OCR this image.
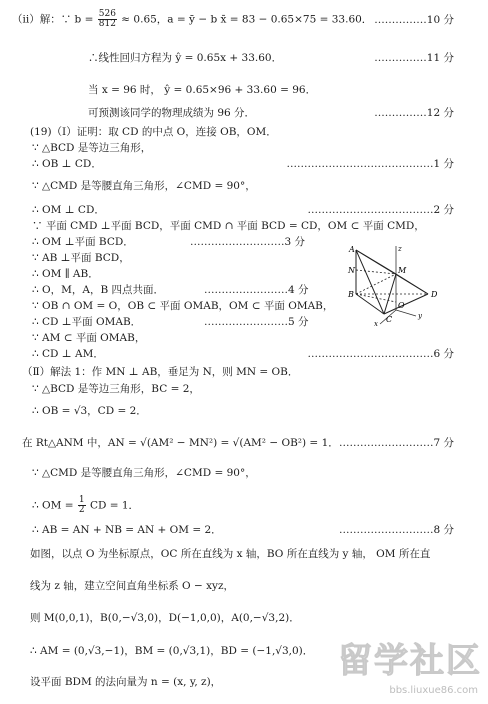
（ii）解：∵ $b = \frac{526}{812} \approx 0.65$，a = ȳ − b x̄ = 83 − 0.65×75 = 33.60． ……………10 分
∴线性回归方程为 ŷ = 0.65x + 33.60．	……………11 分
当 x = 96 时， ŷ = 0.65×96 + 33.60 = 96．
可预测该同学的物理成绩为 96 分．	……………12 分
(19)（Ⅰ）证明：取 CD 的中点 O，连接 OB，OM．
∵ △BCD 是等边三角形，
∴ OB ⊥ CD．	……………………………………1 分
∵ △CMD 是等腰直角三角形，∠CMD = 90°，
∴ OM ⊥ CD．	………………………………2 分
∵ 平面 CMD ⊥平面 BCD，平面 CMD ∩ 平面 BCD = CD，OM ⊂ 平面 CMD，
∴ OM ⊥平面 BCD．	………………………3 分
∵ AB ⊥平面 BCD，
∴ OM ∥ AB．
∴ O，M，A，B 四点共面．	……………………4 分
∵ OB ∩ OM = O，OB ⊂ 平面 OMAB，OM ⊂ 平面 OMAB，
∴ CD ⊥平面 OMAB．	……………………5 分
∵ AM ⊂ 平面 OMAB，
∴ CD ⊥ AM．	………………………………6 分
A
N	M
B	D
C
O
x
y
z
（Ⅱ）解法 1：作 MN ⊥ AB，垂足为 N，则 MN = OB．
∵ △BCD 是等边三角形，BC = 2，
∴ OB = √3，CD = 2．
在 Rt△ANM 中，AN = √(AM² − MN²) = √(AM² − OB²) = 1． ………………………7 分
∵ △CMD 是等腰直角三角形，∠CMD = 90°，
∴ OM = $\frac{1}{2}$ CD = 1．
∴ AB = AN + NB = AN + OM = 2．	………………………8 分
如图，以点 O 为坐标原点，OC 所在直线为 x 轴，BO 所在直线为 y 轴， OM 所在直
线为 z 轴，建立空间直角坐标系 O − xyz，
则 M(0,0,1)，B(0,−√3,0)，D(−1,0,0)，A(0,−√3,2)．
∴ AM = (0,√3,−1)，BM = (0,√3,1)，BD = (−1,√3,0)．
设平面 BDM 的法向量为 n = (x, y, z)，
留学社区
bbs.liuxue86.com
